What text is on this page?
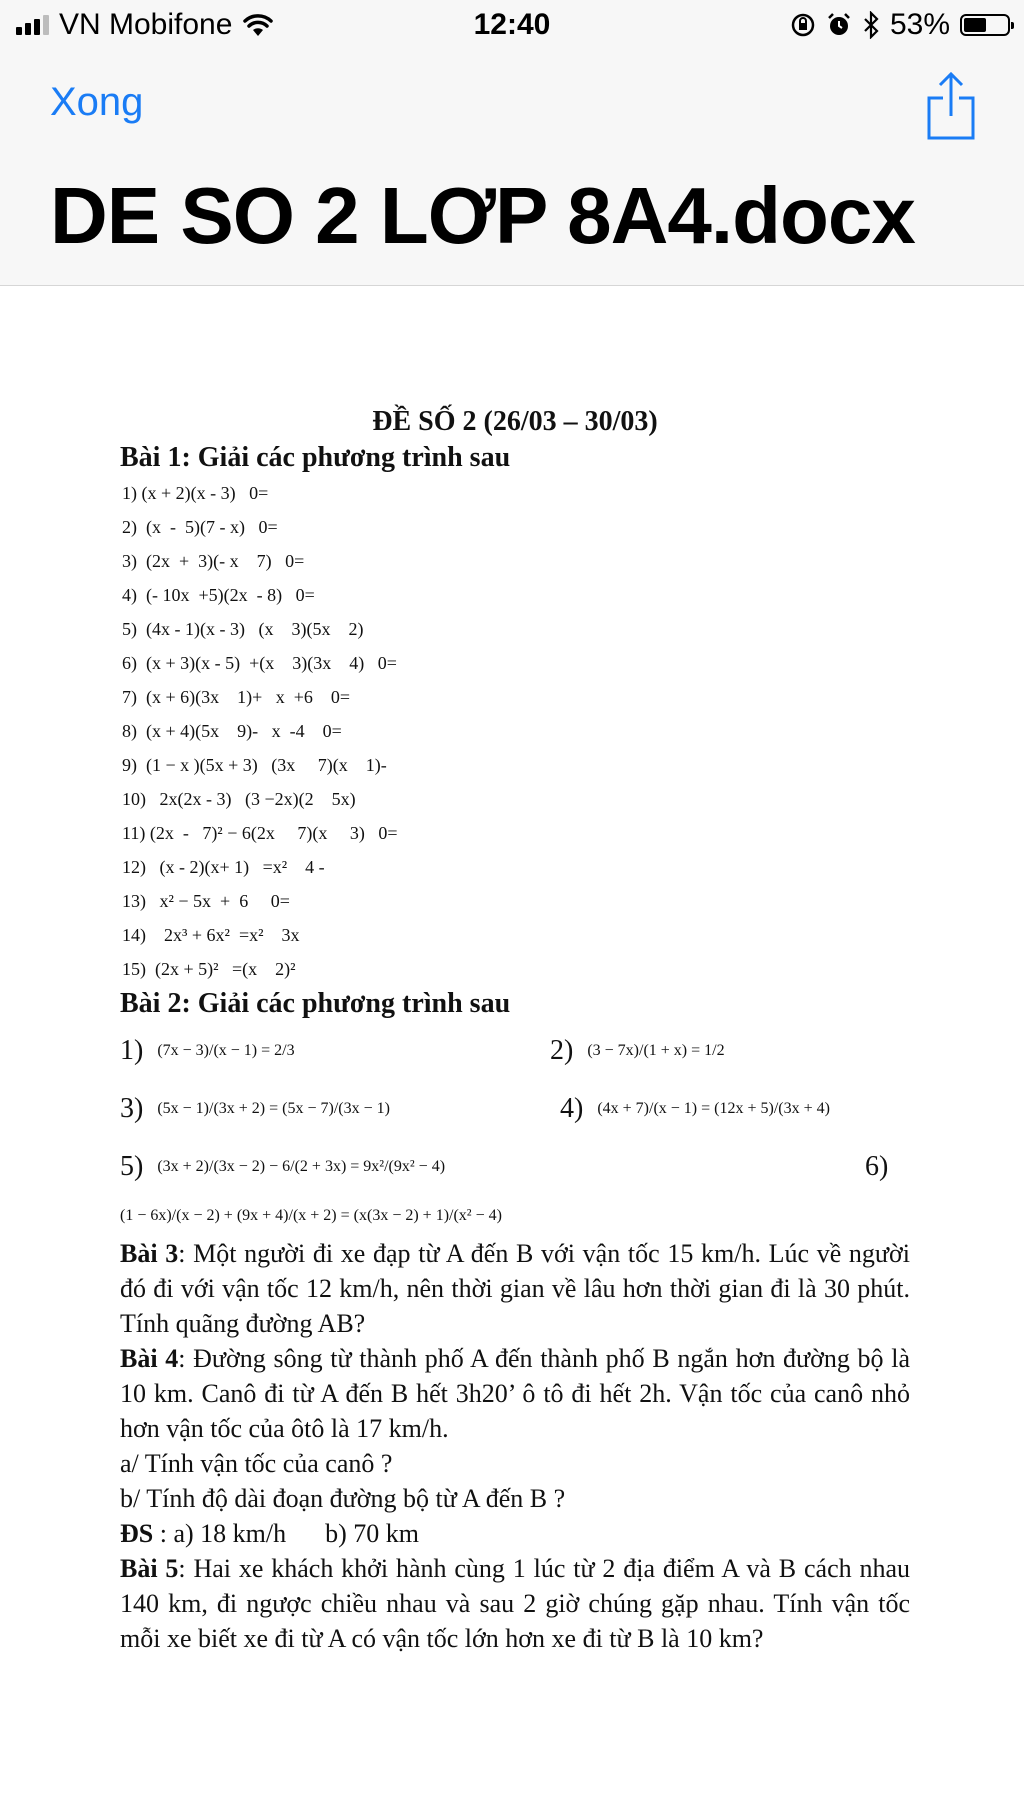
VN Mobifone	12:40	53%
Xong
DE SO 2 LƠP 8A4.docx
ĐỀ SỐ 2 (26/03 – 30/03)
Bài 1: Giải các phương trình sau
1) (x + 2)(x - 3)   0=
2)  (x  -  5)(7 - x)   0=
3)  (2x  +  3)(- x    7)   0=
4)  (- 10x  +5)(2x  - 8)   0=
5)  (4x - 1)(x - 3)   (x    3)(5x    2)
6)  (x + 3)(x - 5)  +(x    3)(3x    4)   0=
7)  (x + 6)(3x    1)+   x  +6    0=
8)  (x + 4)(5x    9)-   x  -4    0=
9)  (1 − x )(5x + 3)   (3x     7)(x    1)-
10)   2x(2x - 3)   (3 −2x)(2    5x)
11) (2x  -   7)² − 6(2x     7)(x     3)   0=
12)   (x - 2)(x+ 1)   =x²    4 -
13)   x² − 5x  +  6     0=
14)    2x³ + 6x²  =x²    3x
15)  (2x + 5)²   =(x    2)²
Bài 2: Giải các phương trình sau
1) (7x − 3)/(x − 1) = 2/3	2) (3 − 7x)/(1 + x) = 1/2
3) (5x − 1)/(3x + 2) = (5x − 7)/(3x − 1)	4) (4x + 7)/(x − 1) = (12x + 5)/(3x + 4)
5) (3x + 2)/(3x − 2) − 6/(2 + 3x) = 9x²/(9x² − 4)	6)
(1 − 6x)/(x − 2) + (9x + 4)/(x + 2) = (x(3x − 2) + 1)/(x² − 4)

Bài 3: Một người đi xe đạp từ A đến B với vận tốc 15 km/h. Lúc về người đó đi với vận tốc 12 km/h, nên thời gian về lâu hơn thời gian đi là 30 phút. Tính quãng đường AB?

Bài 4: Đường sông từ thành phố A đến thành phố B ngắn hơn đường bộ là 10 km. Canô đi từ A đến B hết 3h20’ ô tô đi hết 2h. Vận tốc của canô nhỏ hơn vận tốc của ôtô là 17 km/h.

a/ Tính vận tốc của canô ?

b/ Tính độ dài đoạn đường bộ từ A đến B ?

ĐS : a) 18 km/h      b) 70 km

Bài 5: Hai xe khách khởi hành cùng 1 lúc từ 2 địa điểm A và B cách nhau 140 km, đi ngược chiều nhau và sau 2 giờ chúng gặp nhau. Tính vận tốc mỗi xe biết xe đi từ A có vận tốc lớn hơn xe đi từ B là 10 km?
